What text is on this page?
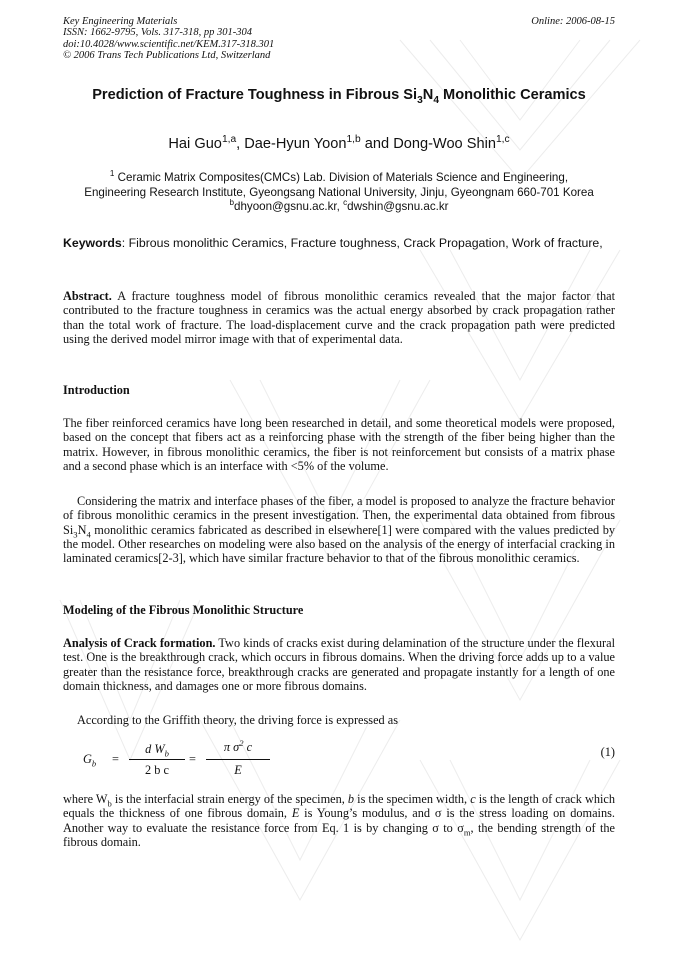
Key Engineering Materials
ISSN: 1662-9795, Vols. 317-318, pp 301-304
doi:10.4028/www.scientific.net/KEM.317-318.301
© 2006 Trans Tech Publications Ltd, Switzerland
Online: 2006-08-15
Prediction of Fracture Toughness in Fibrous $Si_3N_4$ Monolithic Ceramics
Hai Guo$^{1,a}$, Dae-Hyun Yoon$^{1,b}$ and Dong-Woo Shin$^{1,c}$
$^1$ Ceramic Matrix Composites(CMCs) Lab. Division of Materials Science and Engineering,
Engineering Research Institute, Gyeongsang National University, Jinju, Gyeongnam 660-701 Korea
$^b$dhyoon@gsnu.ac.kr, $^c$dwshin@gsnu.ac.kr
Keywords: Fibrous monolithic Ceramics, Fracture toughness, Crack Propagation, Work of fracture,
Abstract. A fracture toughness model of fibrous monolithic ceramics revealed that the major factor that contributed to the fracture toughness in ceramics was the actual energy absorbed by crack propagation rather than the total work of fracture. The load-displacement curve and the crack propagation path were predicted using the derived model mirror image with that of experimental data.
Introduction
The fiber reinforced ceramics have long been researched in detail, and some theoretical models were proposed, based on the concept that fibers act as a reinforcing phase with the strength of the fiber being higher than the matrix. However, in fibrous monolithic ceramics, the fiber is not reinforcement but consists of a matrix phase and a second phase which is an interface with <5% of the volume.
Considering the matrix and interface phases of the fiber, a model is proposed to analyze the fracture behavior of fibrous monolithic ceramics in the present investigation. Then, the experimental data obtained from fibrous $Si_3N_4$ monolithic ceramics fabricated as described in elsewhere[1] were compared with the values predicted by the model. Other researches on modeling were also based on the analysis of the energy of interfacial cracking in laminated ceramics[2-3], which have similar fracture behavior to that of the fibrous monolithic ceramics.
Modeling of the Fibrous Monolithic Structure
Analysis of Crack formation. Two kinds of cracks exist during delamination of the structure under the flexural test. One is the breakthrough crack, which occurs in fibrous domains. When the driving force adds up to a value greater than the resistance force, breakthrough cracks are generated and propagate instantly for a length of one domain thickness, and damages one or more fibrous domains.
According to the Griffith theory, the driving force is expressed as
$G_b$ =
d $W_b$
2 b c
=
π $\sigma^2$ c
E
(1)
where $W_b$ is the interfacial strain energy of the specimen, b is the specimen width, c is the length of crack which equals the thickness of one fibrous domain, E is Young’s modulus, and σ is the stress loading on domains. Another way to evaluate the resistance force from Eq. 1 is by changing σ to $\sigma_m$, the bending strength of the fibrous domain.
